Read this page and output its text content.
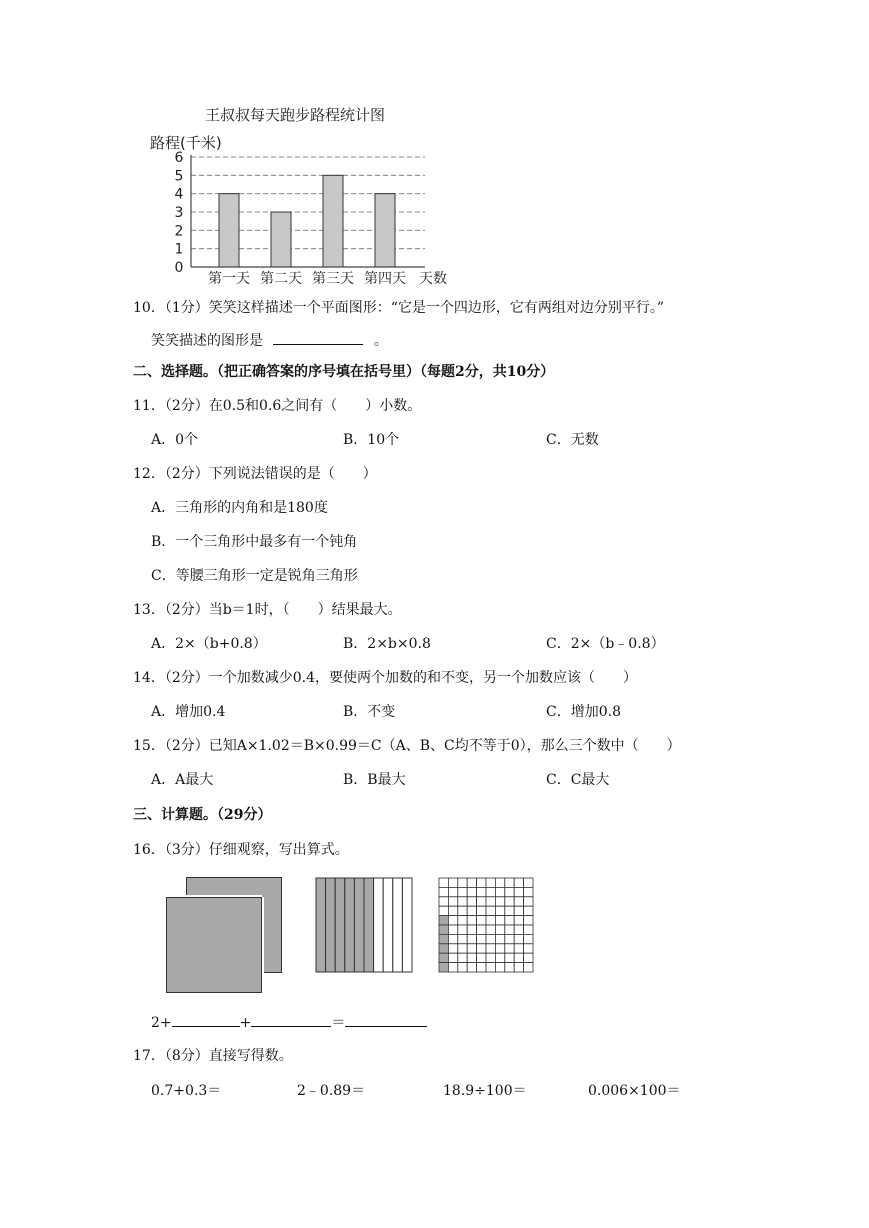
王叔叔每天跑步路程统计图
路程(千米)
0
1
2
3
4
5
6
第一天 第二天 第三天 第四天 天数
10．（1分）笑笑这样描述一个平面图形：“它是一个四边形，它有两组对边分别平行。”
笑笑描述的图形是	。
二、选择题。（把正确答案的序号填在括号里）（每题2分，共10分）
11．（2分）在0.5和0.6之间有（　　）小数。
A．0个	B．10个	C．无数
12．（2分）下列说法错误的是（　　）
A．三角形的内角和是180度
B．一个三角形中最多有一个钝角
C．等腰三角形一定是锐角三角形
13．（2分）当b＝1时，（　　）结果最大。
A．2×（b+0.8）	B．2×b×0.8	C．2×（b﹣0.8）
14．（2分）一个加数减少0.4，要使两个加数的和不变，另一个加数应该（　　）
A．增加0.4	B．不变	C．增加0.8
15．（2分）已知A×1.02＝B×0.99＝C（A、B、C均不等于0），那么三个数中（　　）
A．A最大	B．B最大	C．C最大
三、计算题。（29分）
16．（3分）仔细观察，写出算式。
2+	+	＝
17．（8分）直接写得数。
0.7+0.3＝	2﹣0.89＝	18.9÷100＝	0.006×100＝
